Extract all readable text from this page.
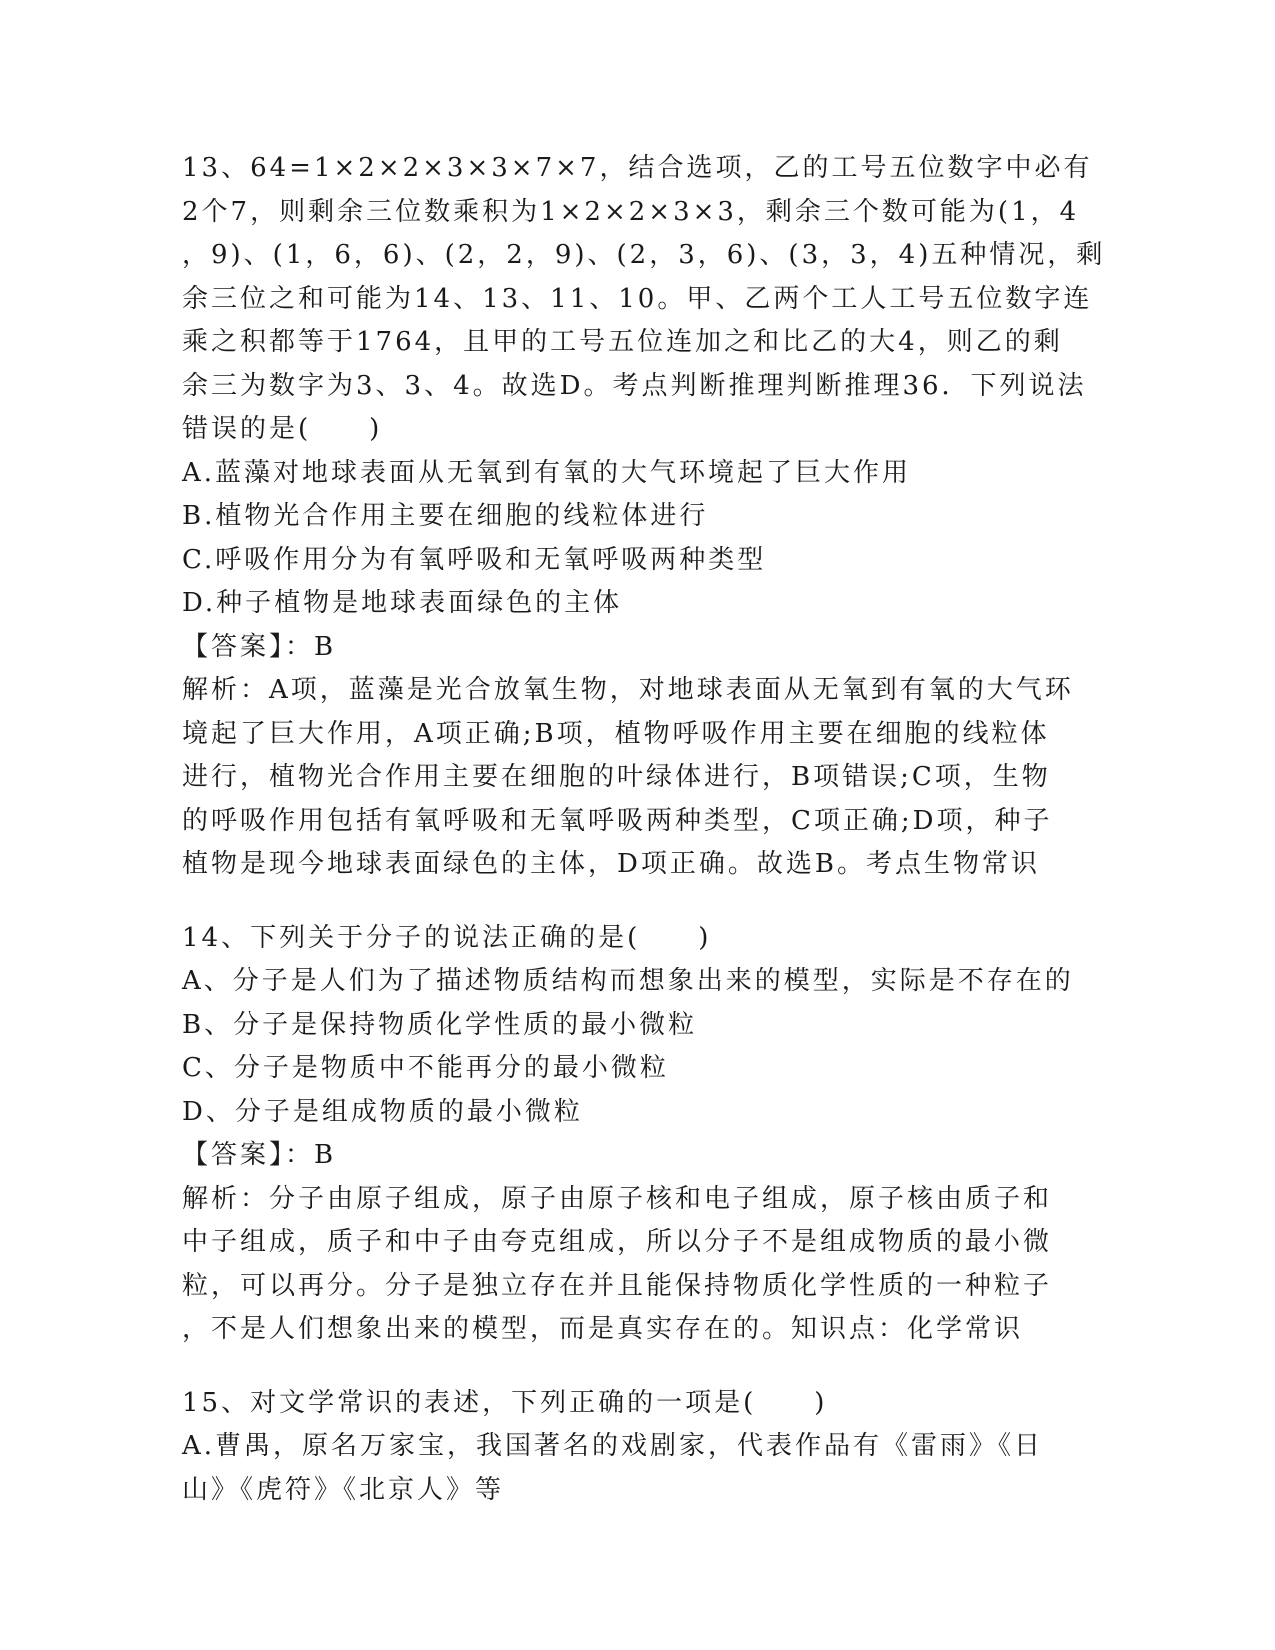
13、64=1×2×2×3×3×7×7，结合选项，乙的工号五位数字中必有
2个7，则剩余三位数乘积为1×2×2×3×3，剩余三个数可能为(1，4
，9)、(1，6，6)、(2，2，9)、(2，3，6)、(3，3，4)五种情况，剩
余三位之和可能为14、13、11、10。甲、乙两个工人工号五位数字连
乘之积都等于1764，且甲的工号五位连加之和比乙的大4，则乙的剩
余三为数字为3、3、4。故选D。考点判断推理判断推理36．下列说法
错误的是(　　)
A.蓝藻对地球表面从无氧到有氧的大气环境起了巨大作用
B.植物光合作用主要在细胞的线粒体进行
C.呼吸作用分为有氧呼吸和无氧呼吸两种类型
D.种子植物是地球表面绿色的主体
【答案】：B
解析：A项，蓝藻是光合放氧生物，对地球表面从无氧到有氧的大气环
境起了巨大作用，A项正确;B项，植物呼吸作用主要在细胞的线粒体
进行，植物光合作用主要在细胞的叶绿体进行，B项错误;C项，生物
的呼吸作用包括有氧呼吸和无氧呼吸两种类型，C项正确;D项，种子
植物是现今地球表面绿色的主体，D项正确。故选B。考点生物常识
14、下列关于分子的说法正确的是(　　)
A、分子是人们为了描述物质结构而想象出来的模型，实际是不存在的
B、分子是保持物质化学性质的最小微粒
C、分子是物质中不能再分的最小微粒
D、分子是组成物质的最小微粒
【答案】：B
解析：分子由原子组成，原子由原子核和电子组成，原子核由质子和
中子组成，质子和中子由夸克组成，所以分子不是组成物质的最小微
粒，可以再分。分子是独立存在并且能保持物质化学性质的一种粒子
，不是人们想象出来的模型，而是真实存在的。知识点：化学常识
15、对文学常识的表述，下列正确的一项是(　　)
A.曹禺，原名万家宝，我国著名的戏剧家，代表作品有《雷雨》《日
山》《虎符》《北京人》等
